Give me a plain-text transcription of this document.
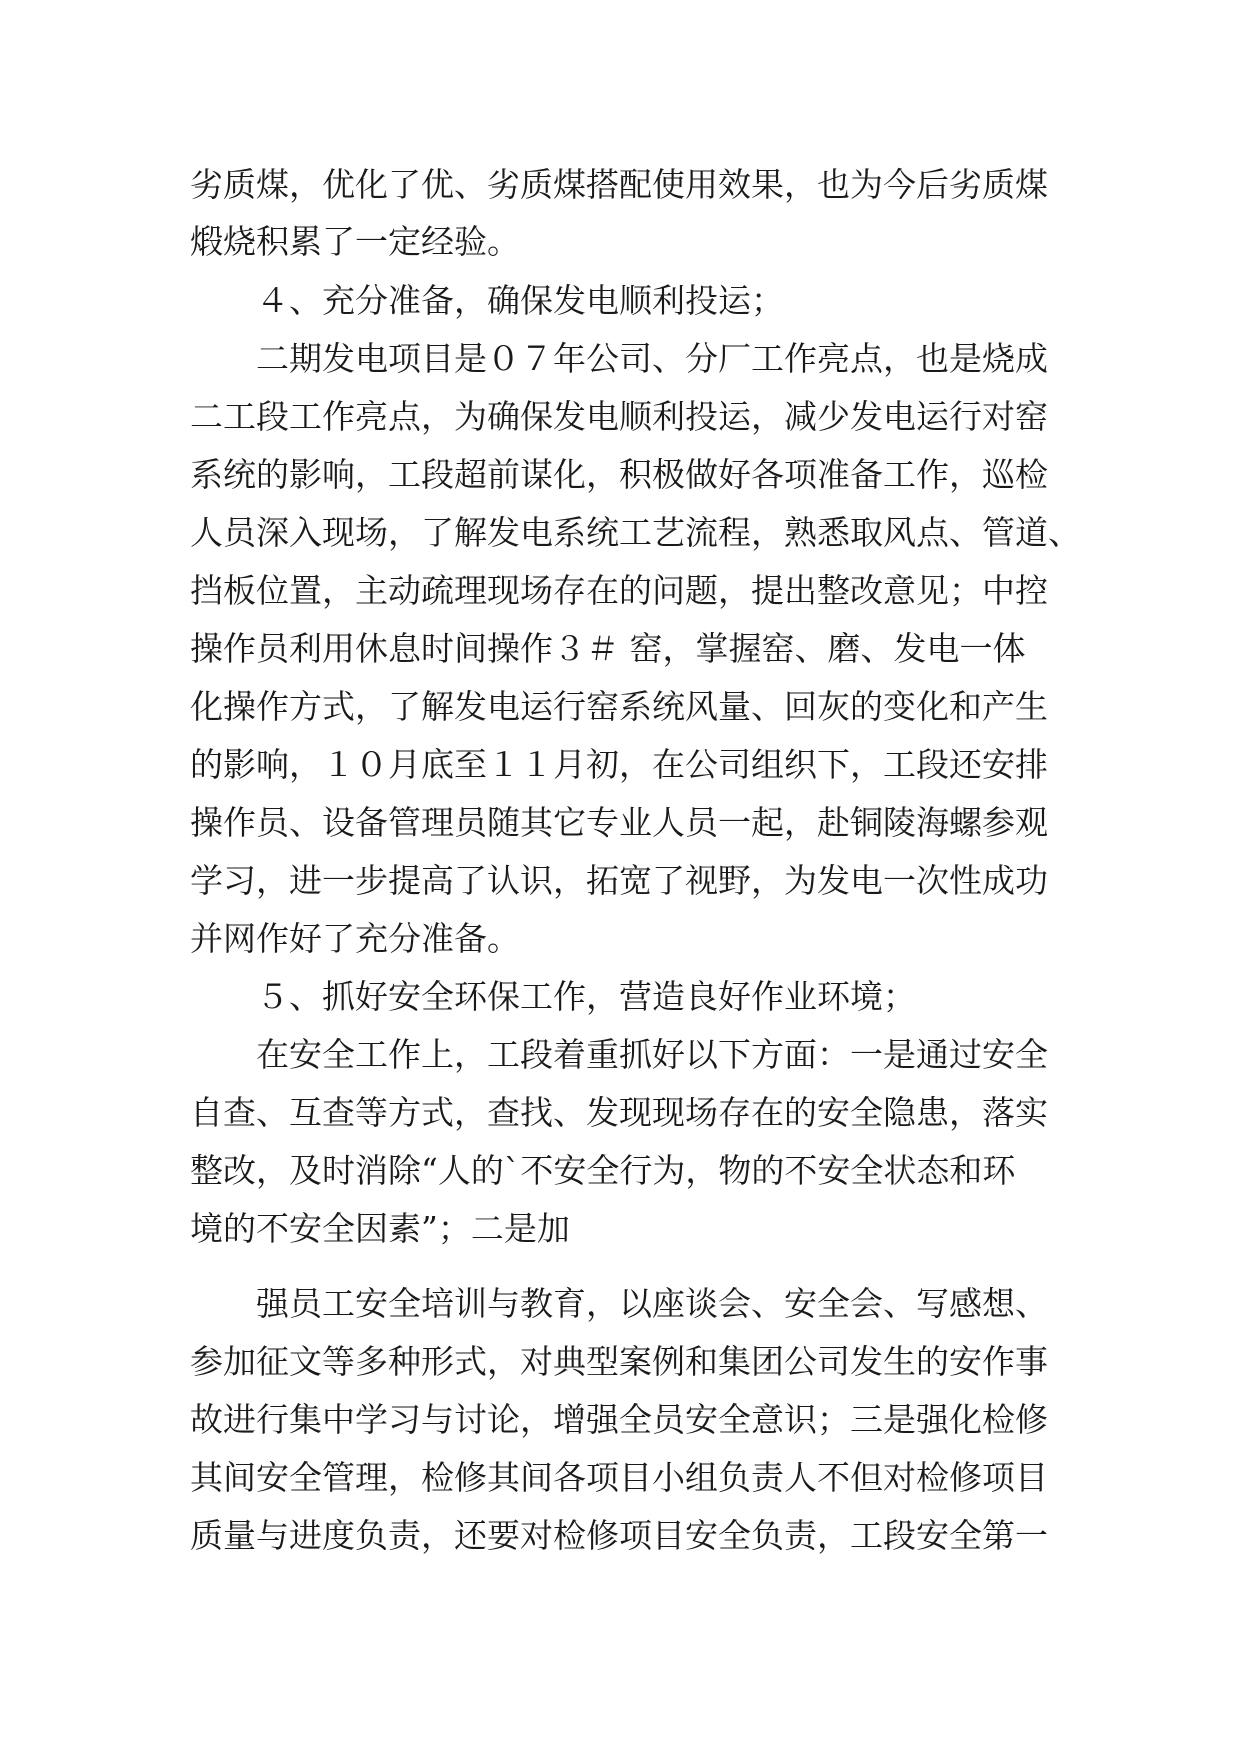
劣质煤，优化了优、劣质煤搭配使用效果，也为今后劣质煤
煅烧积累了一定经验。
４、充分准备，确保发电顺利投运；
二期发电项目是０７年公司、分厂工作亮点，也是烧成
二工段工作亮点，为确保发电顺利投运，减少发电运行对窑
系统的影响，工段超前谋化，积极做好各项准备工作，巡检
人员深入现场，了解发电系统工艺流程，熟悉取风点、管道、
挡板位置，主动疏理现场存在的问题，提出整改意见；中控
操作员利用休息时间操作３＃ 窑，掌握窑、磨、发电一体
化操作方式，了解发电运行窑系统风量、回灰的变化和产生
的影响，１０月底至１１月初，在公司组织下，工段还安排
操作员、设备管理员随其它专业人员一起，赴铜陵海螺参观
学习，进一步提高了认识，拓宽了视野，为发电一次性成功
并网作好了充分准备。
５、抓好安全环保工作，营造良好作业环境；
在安全工作上，工段着重抓好以下方面：一是通过安全
自查、互查等方式，查找、发现现场存在的安全隐患，落实
整改，及时消除“人的`不安全行为，物的不安全状态和环
境的不安全因素”；二是加
强员工安全培训与教育，以座谈会、安全会、写感想、
参加征文等多种形式，对典型案例和集团公司发生的安作事
故进行集中学习与讨论，增强全员安全意识；三是强化检修
其间安全管理，检修其间各项目小组负责人不但对检修项目
质量与进度负责，还要对检修项目安全负责，工段安全第一
